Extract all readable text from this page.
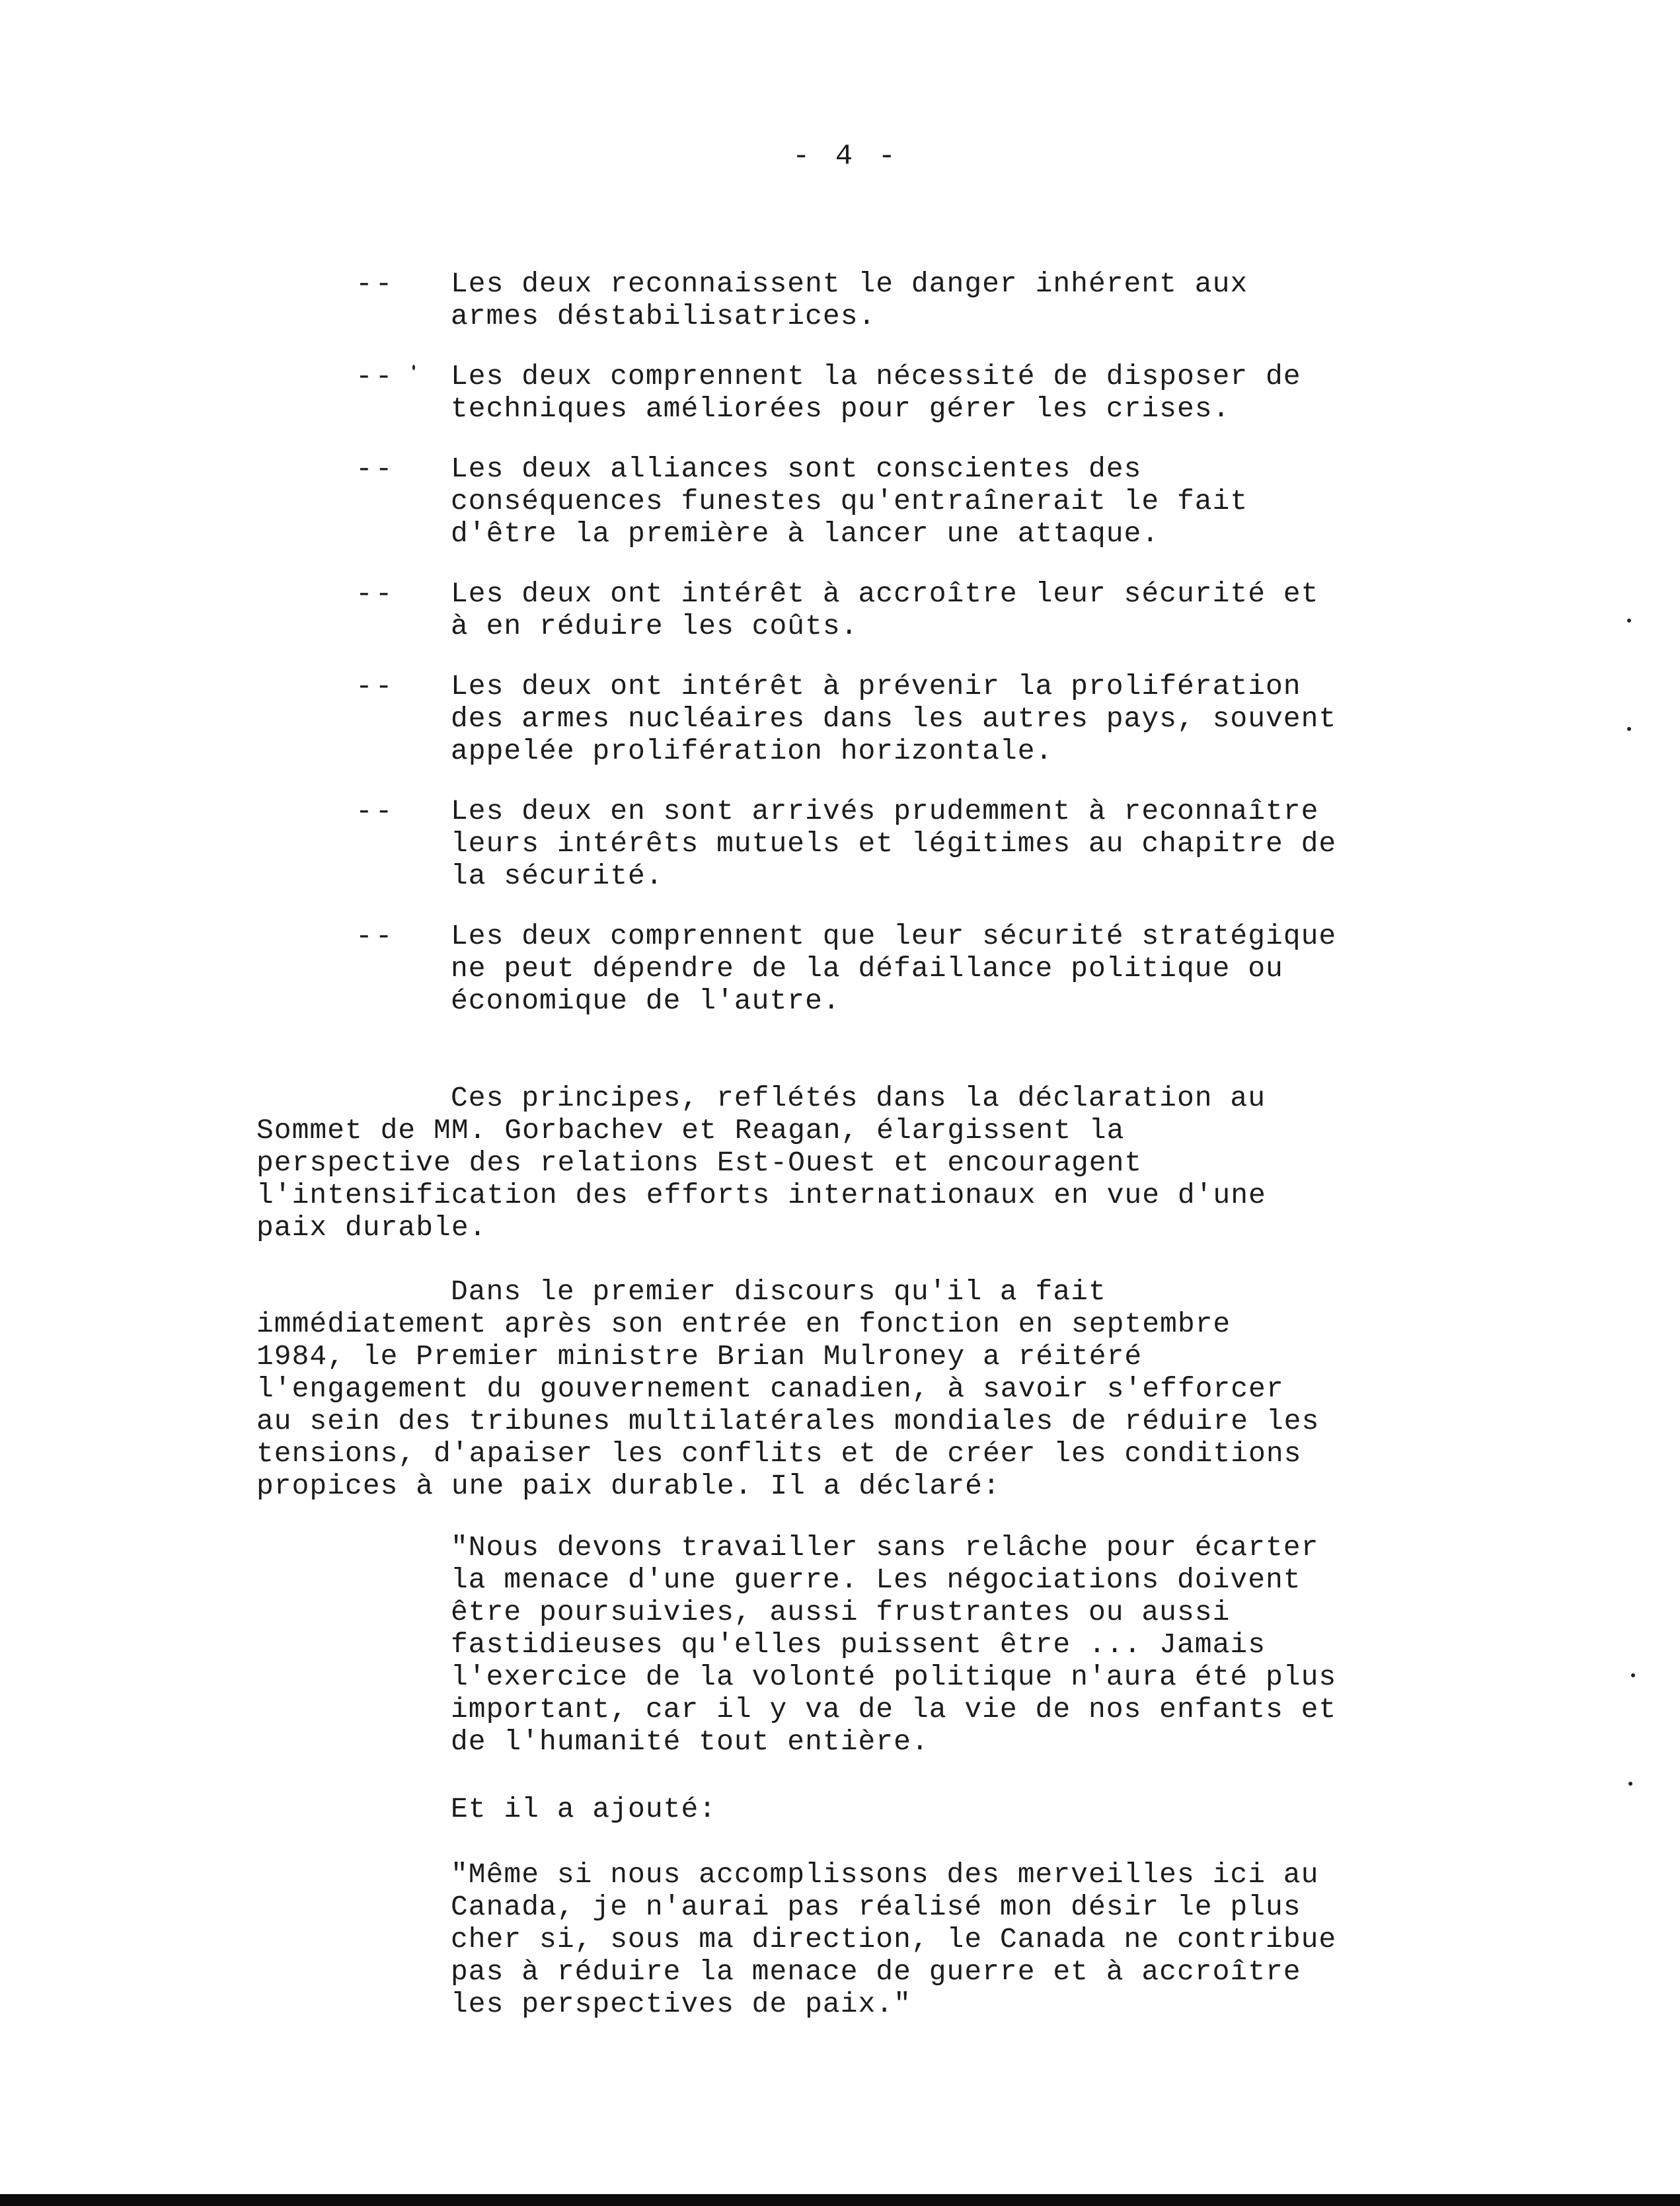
- 4 -
-- Les deux reconnaissent le danger inhérent aux
armes déstabilisatrices.
-- Les deux comprennent la nécessité de disposer de
techniques améliorées pour gérer les crises.
-- Les deux alliances sont conscientes des
conséquences funestes qu'entraînerait le fait
d'être la première à lancer une attaque.
-- Les deux ont intérêt à accroître leur sécurité et
à en réduire les coûts.
-- Les deux ont intérêt à prévenir la prolifération
des armes nucléaires dans les autres pays, souvent
appelée prolifération horizontale.
-- Les deux en sont arrivés prudemment à reconnaître
leurs intérêts mutuels et légitimes au chapitre de
la sécurité.
-- Les deux comprennent que leur sécurité stratégique
ne peut dépendre de la défaillance politique ou
économique de l'autre.
Ces principes, reflétés dans la déclaration au
Sommet de MM. Gorbachev et Reagan, élargissent la
perspective des relations Est-Ouest et encouragent
l'intensification des efforts internationaux en vue d'une
paix durable.
Dans le premier discours qu'il a fait
immédiatement après son entrée en fonction en septembre
1984, le Premier ministre Brian Mulroney a réitéré
l'engagement du gouvernement canadien, à savoir s'efforcer
au sein des tribunes multilatérales mondiales de réduire les
tensions, d'apaiser les conflits et de créer les conditions
propices à une paix durable. Il a déclaré:
"Nous devons travailler sans relâche pour écarter
la menace d'une guerre. Les négociations doivent
être poursuivies, aussi frustrantes ou aussi
fastidieuses qu'elles puissent être ... Jamais
l'exercice de la volonté politique n'aura été plus
important, car il y va de la vie de nos enfants et
de l'humanité tout entière.
Et il a ajouté:
"Même si nous accomplissons des merveilles ici au
Canada, je n'aurai pas réalisé mon désir le plus
cher si, sous ma direction, le Canada ne contribue
pas à réduire la menace de guerre et à accroître
les perspectives de paix."
